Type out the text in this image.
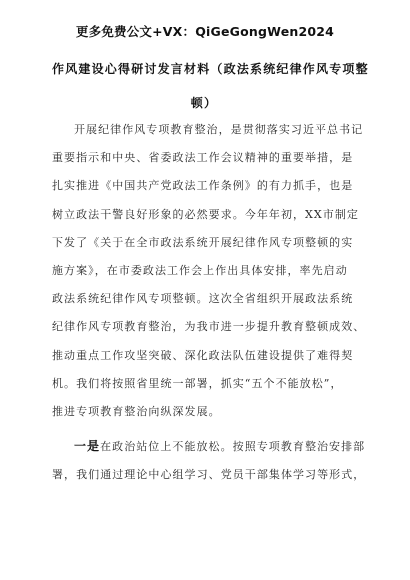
更多免费公文+VX：QiGeGongWen2024
作风建设心得研讨发言材料（政法系统纪律作风专项整
顿）
开展纪律作风专项教育整治，是贯彻落实习近平总书记
重要指示和中央、省委政法工作会议精神的重要举措，是
扎实推进《中国共产党政法工作条例》的有力抓手，也是
树立政法干警良好形象的必然要求。今年年初，XX市制定
下发了《关于在全市政法系统开展纪律作风专项整顿的实
施方案》，在市委政法工作会上作出具体安排，率先启动
政法系统纪律作风专项整顿。这次全省组织开展政法系统
纪律作风专项教育整治，为我市进一步提升教育整顿成效、
推动重点工作攻坚突破、深化政法队伍建设提供了难得契
机。我们将按照省里统一部署，抓实“五个不能放松”，
推进专项教育整治向纵深发展。
一是在政治站位上不能放松。按照专项教育整治安排部
署，我们通过理论中心组学习、党员干部集体学习等形式，
